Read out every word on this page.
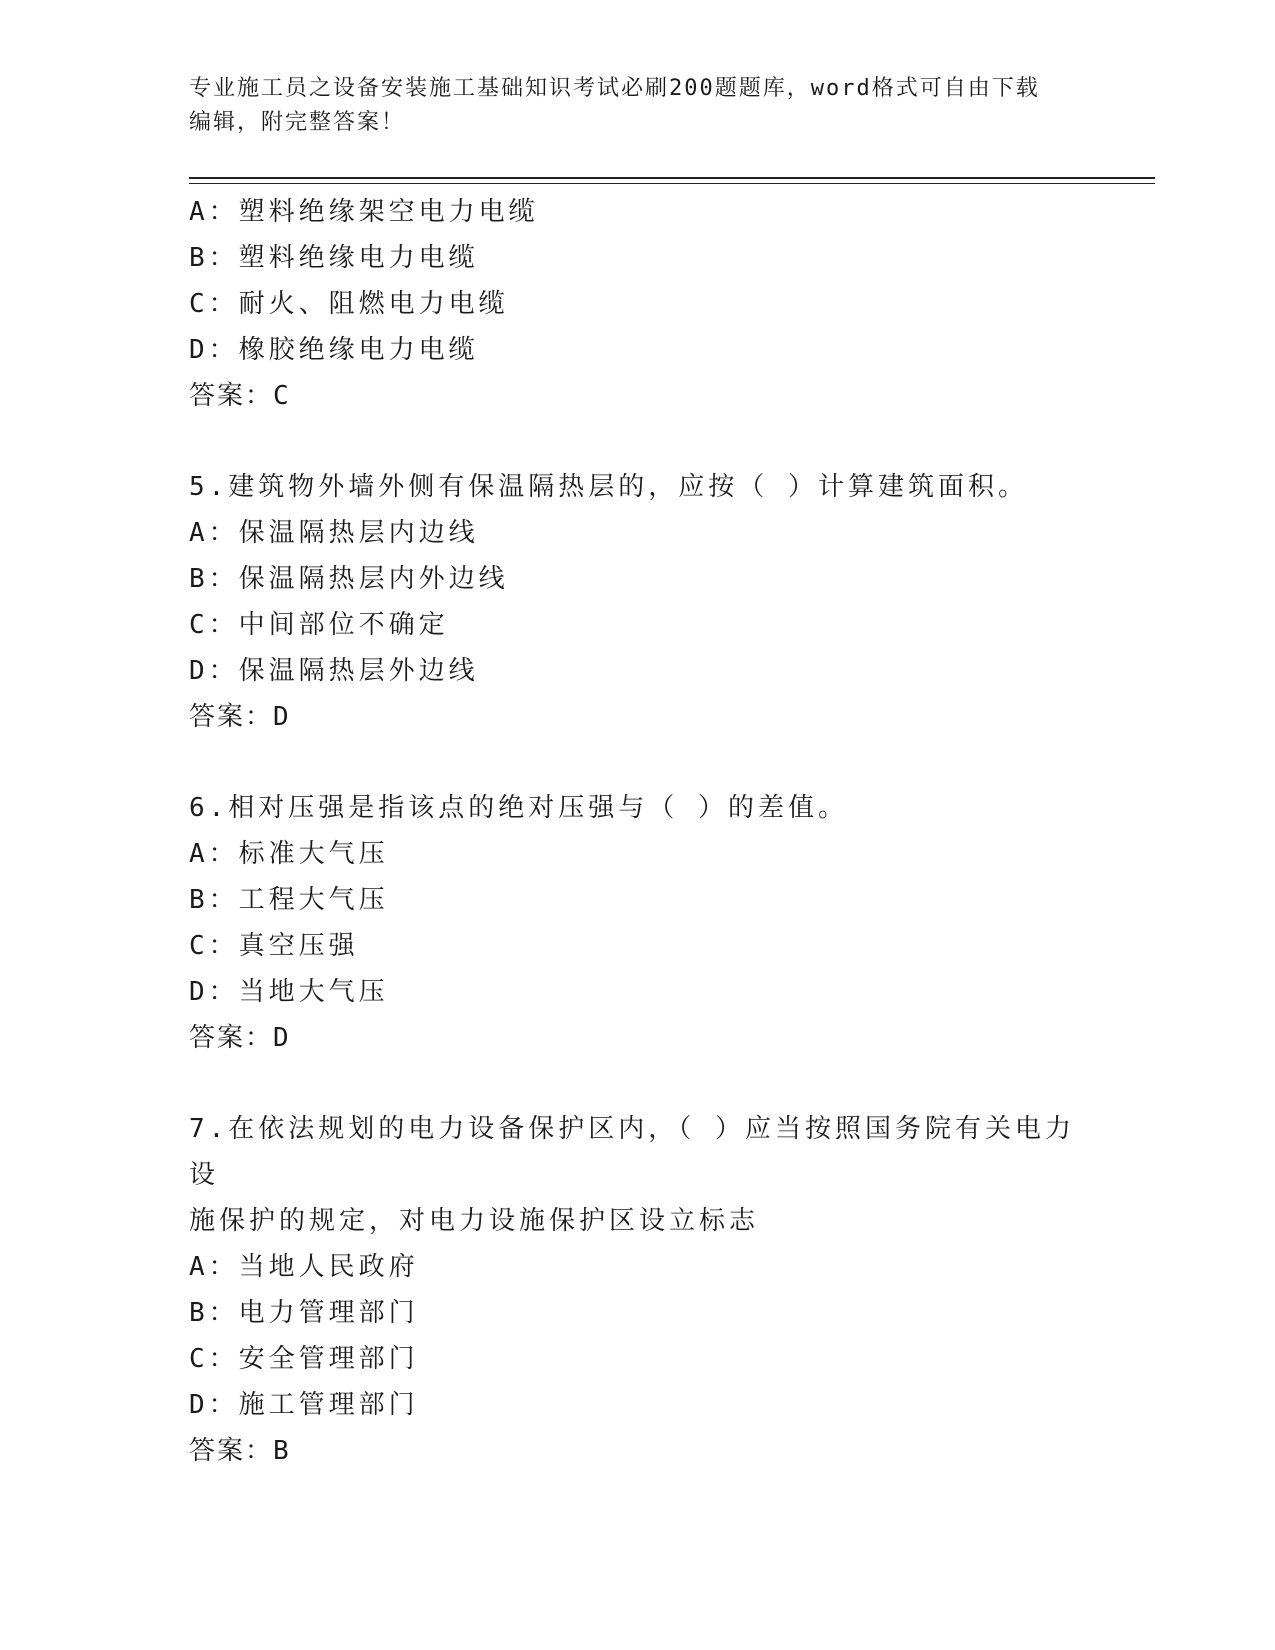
专业施工员之设备安装施工基础知识考试必刷200题题库，word格式可自由下载
编辑，附完整答案！
A：塑料绝缘架空电力电缆
B：塑料绝缘电力电缆
C：耐火、阻燃电力电缆
D：橡胶绝缘电力电缆
答案：C
5.建筑物外墙外侧有保温隔热层的，应按（ ）计算建筑面积。
A：保温隔热层内边线
B：保温隔热层内外边线
C：中间部位不确定
D：保温隔热层外边线
答案：D
6.相对压强是指该点的绝对压强与（ ）的差值。
A：标准大气压
B：工程大气压
C：真空压强
D：当地大气压
答案：D
7.在依法规划的电力设备保护区内，（ ）应当按照国务院有关电力设
施保护的规定，对电力设施保护区设立标志
A：当地人民政府
B：电力管理部门
C：安全管理部门
D：施工管理部门
答案：B
